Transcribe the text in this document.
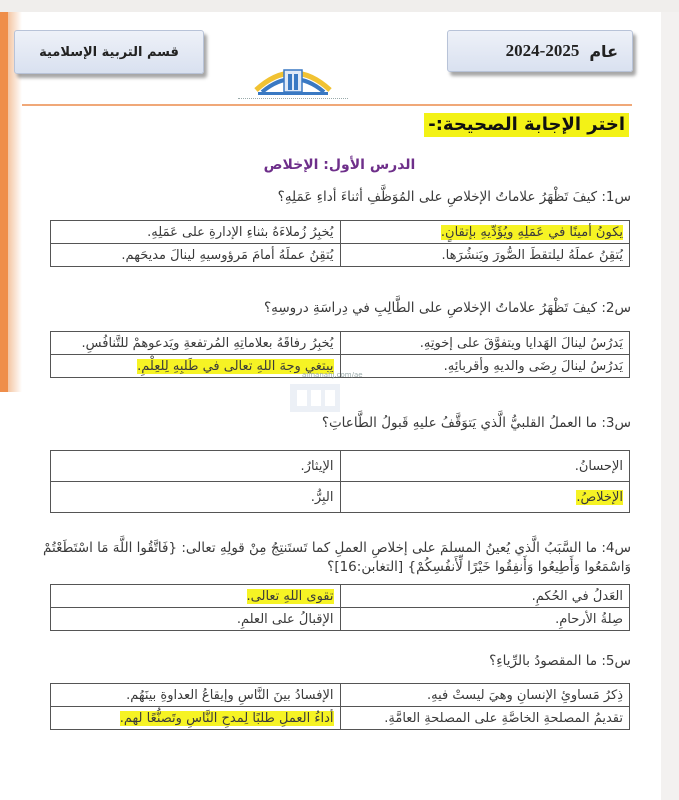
قسم التربية الإسلامية	عام
2024-2025
اختر الإجابة الصحيحة:-
الدرس الأول: الإخلاص
س1: كيفَ تَظْهَرُ علاماتُ الإخلاصِ على المُوَظَّفِ أثناءَ أداءِ عَمَلِهِ؟
يكونُ أمينًا في عَمَلِهِ ويُؤَدِّيهِ بإتقانٍ.	يُخبِرُ زُملاءَهُ بثناءِ الإدارةِ على عَمَلِهِ.
يُتقِنُ عملَهُ ليلتقطَ الصُّورَ ويَنشُرَها.	يُتقِنُ عملَهُ أمامَ مَرؤوسيهِ لينالَ مديحَهم.
س2: كيفَ تَظْهَرُ علاماتُ الإخلاصِ على الطَّالِبِ في دِراسَةِ دروسِهِ؟
يَدرُسُ لينالَ الهَدايا ويتفوَّقَ على إخوتِهِ.	يُخبِرُ رفاقَهُ بعلاماتِهِ المُرتفعةِ ويَدعوهمْ للتَّنافُسِ.
يَدرُسُ لينالَ رِضَى والديهِ وأقربائِهِ.	يبتغي وجهَ اللهِ تعالى في طَلبِهِ لِلعِلْمِ.
almanahj.com/ae
س3: ما العملُ القلبيُّ الَّذي يَتوَقَّفُ عليهِ قَبولُ الطَّاعاتِ؟
الإحسانُ.	الإيثارُ.
الإخلاصُ.	البِرُّ.
س4: ما السَّبَبُ الَّذي يُعينُ المسلمَ على إخلاصِ العملِ كما تَستَنتِجُ مِنْ قولِهِ تعالى: {فَاتَّقُوا اللَّهَ مَا اسْتَطَعْتُمْ وَاسْمَعُوا وَأَطِيعُوا وَأَنفِقُوا خَيْرًا لِّأَنفُسِكُمْ} [التغابن:16]؟
العَدلُ في الحُكمِ.	تقوى اللهِ تعالى.
صِلةُ الأرحامِ.	الإقبالُ على العلمِ.
س5: ما المقصودُ بالرِّياءِ؟
ذِكرُ مَساوئِ الإنسانِ وهيَ ليستْ فيهِ.	الإفسادُ بينَ النَّاسِ وإيقاعُ العداوةِ بينَهُم.
تقديمُ المصلحةِ الخاصَّةِ على المصلحةِ العامَّةِ.	أداءُ العملِ طلبًا لِمدحِ النَّاسِ وتَصنُّعًا لهم.
